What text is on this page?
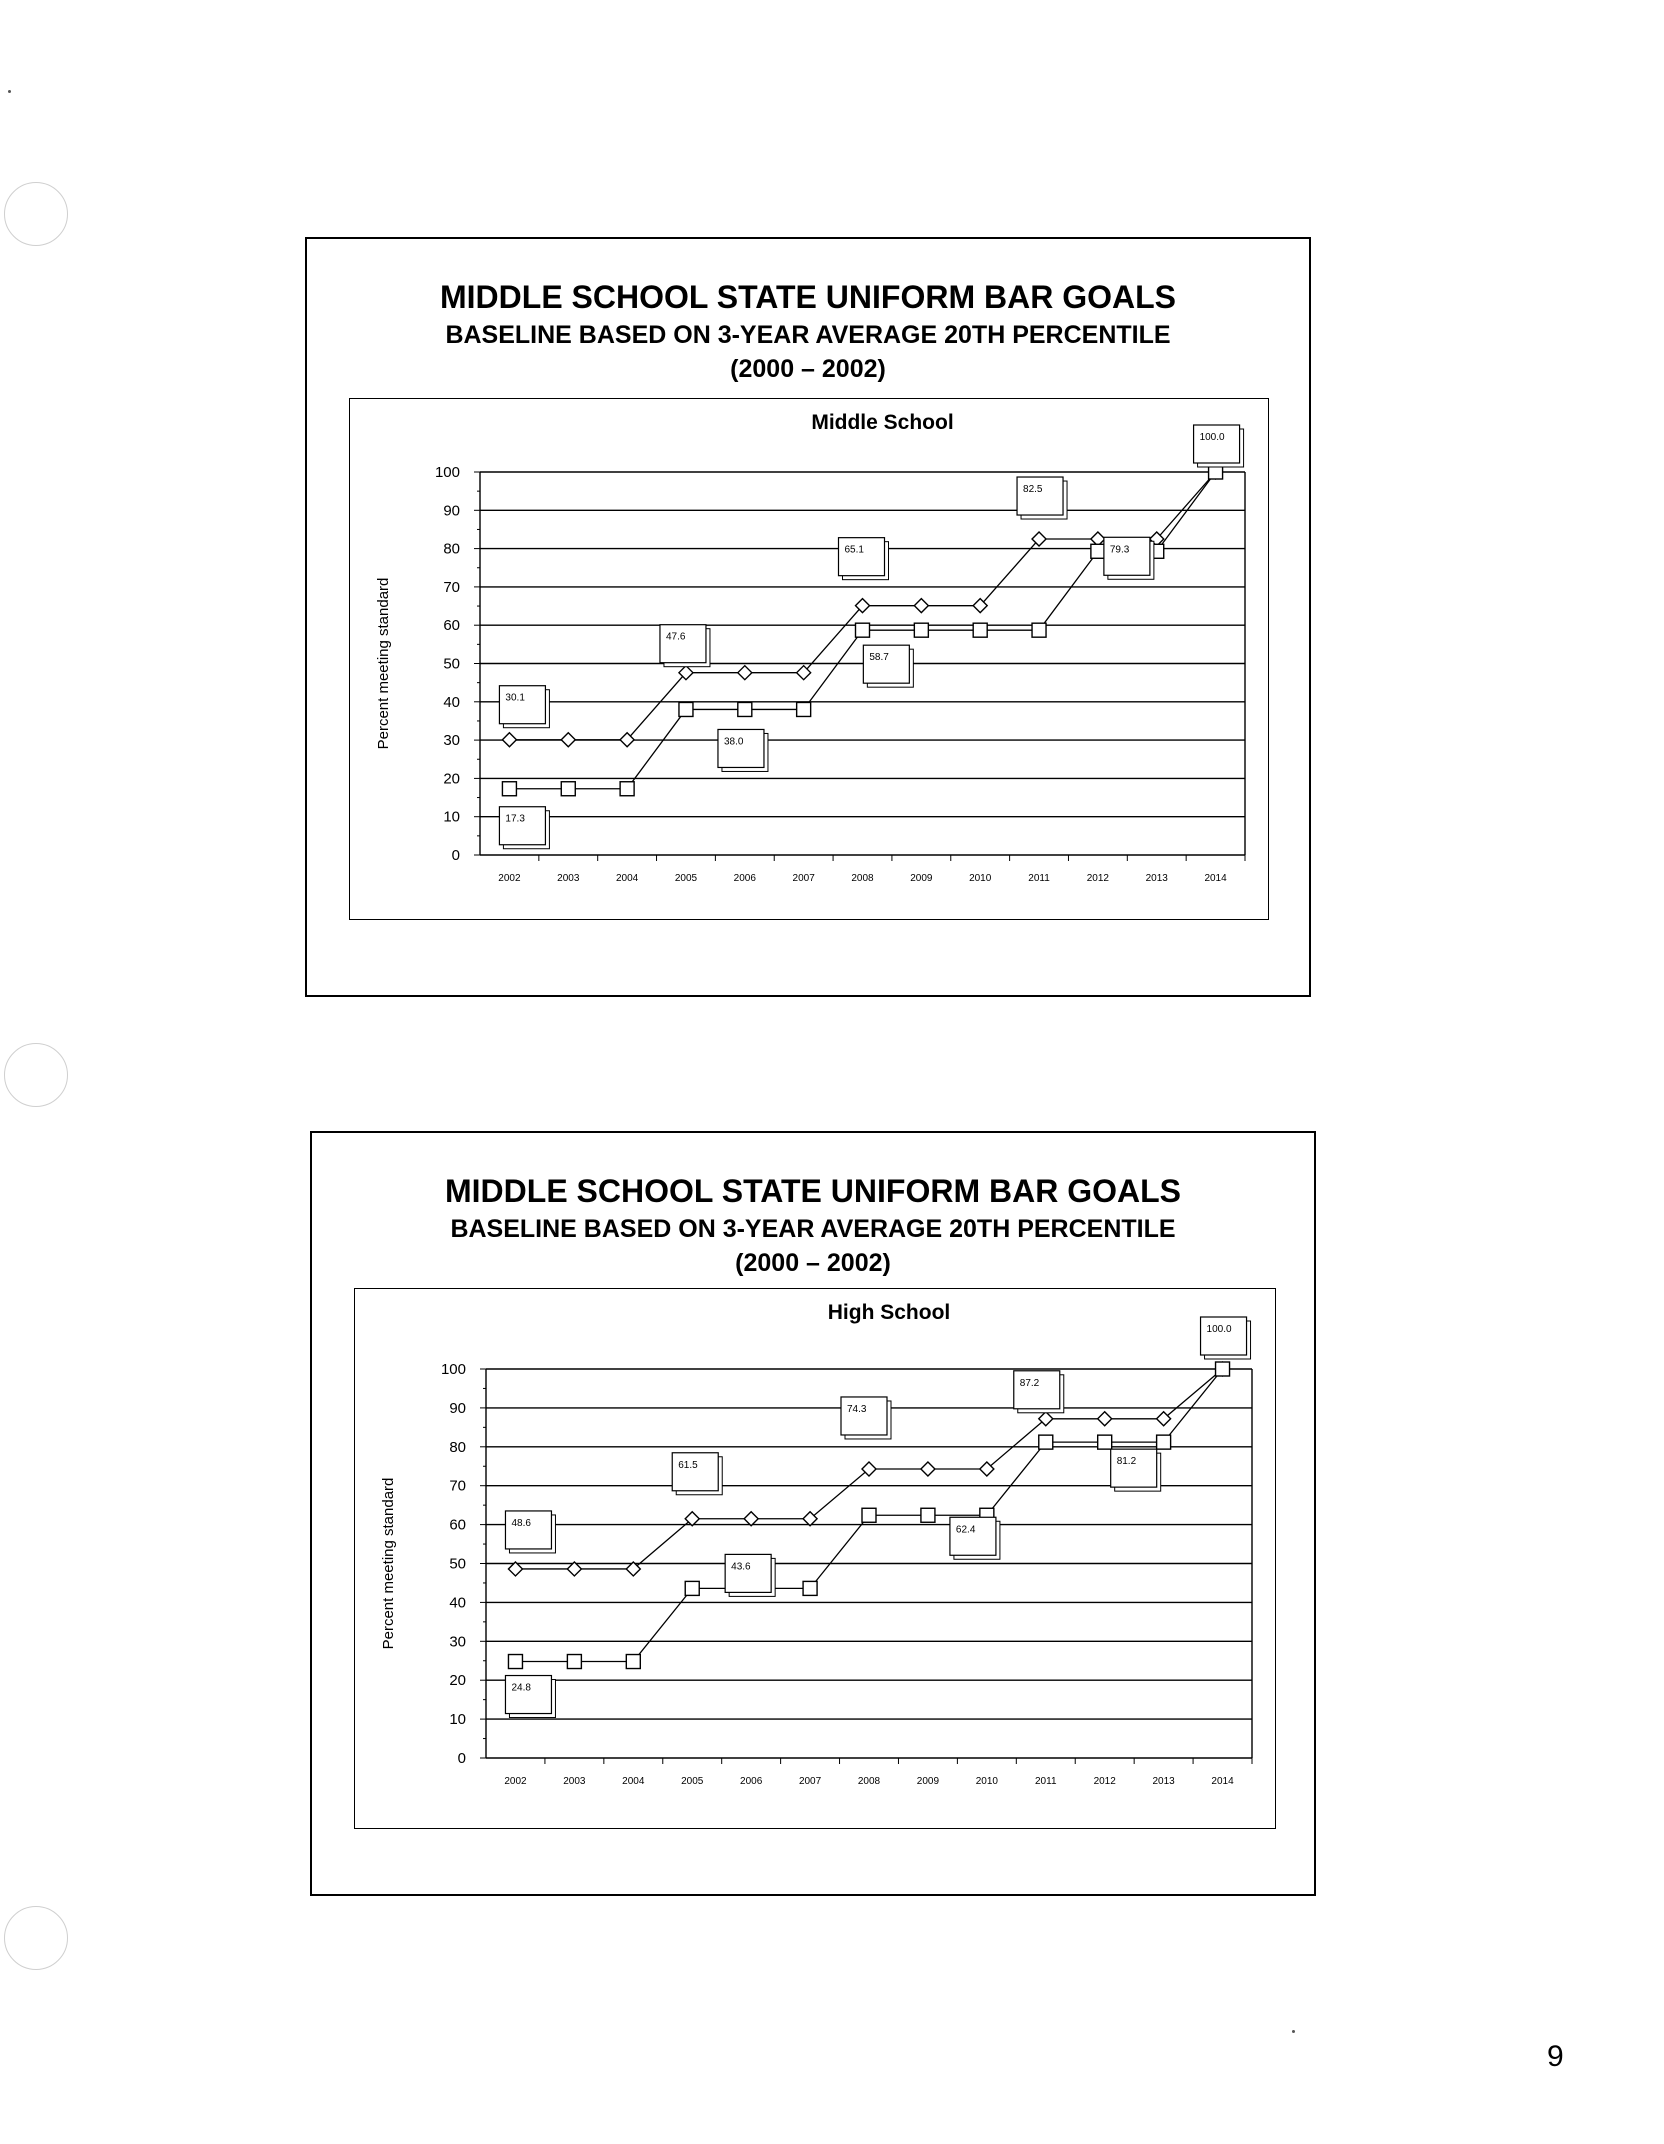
MIDDLE SCHOOL STATE UNIFORM BAR GOALS
BASELINE BASED ON 3-YEAR AVERAGE 20TH PERCENTILE
(2000 – 2002)
Middle School
Percent meeting standard
0
10
20
30
40
50
60
70
80
90
100
2002	2003	2004	2005	2006	2007	2008	2009	2010	2011	2012	2013	2014
30.1
17.3
47.6
38.0
65.1
58.7
82.5
79.3
100.0
MIDDLE SCHOOL STATE UNIFORM BAR GOALS
BASELINE BASED ON 3-YEAR AVERAGE 20TH PERCENTILE
(2000 – 2002)
High School
Percent meeting standard
0
10
20
30
40
50
60
70
80
90
100
2002	2003	2004	2005	2006	2007	2008	2009	2010	2011	2012	2013	2014
48.6
24.8
61.5
43.6
74.3
62.4
87.2
81.2
100.0
9
